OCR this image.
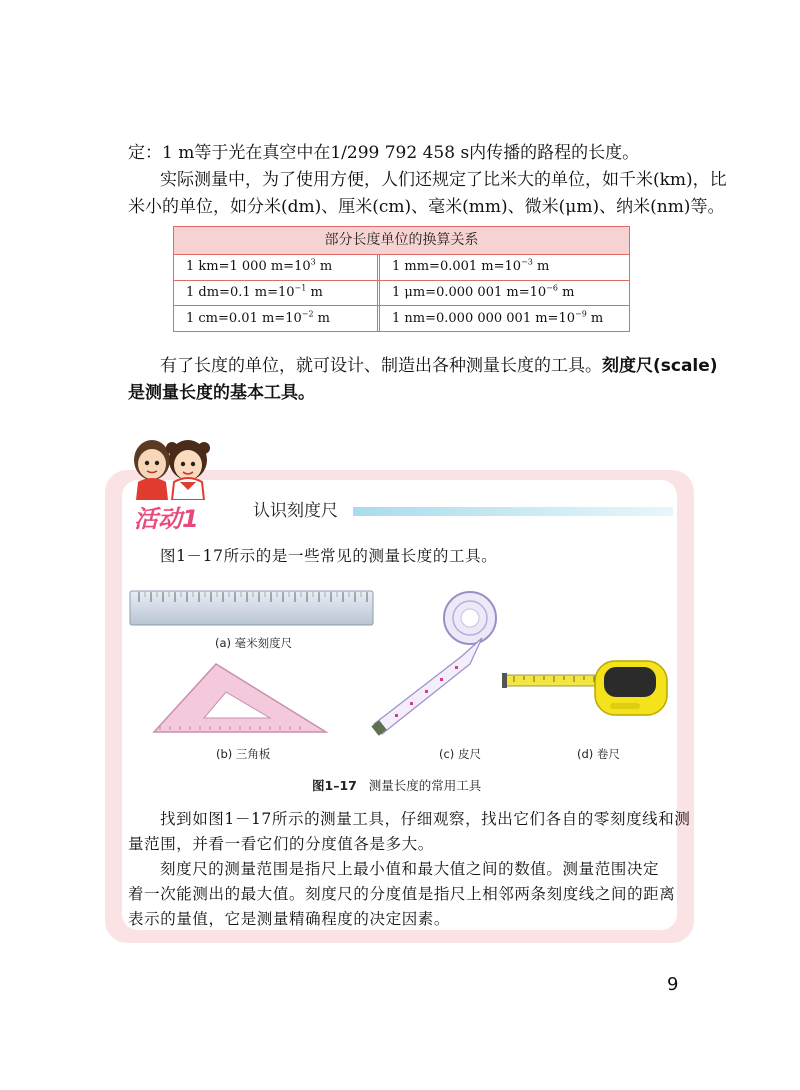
定：1 m等于光在真空中在1/299 792 458 s内传播的路程的长度。
实际测量中，为了使用方便，人们还规定了比米大的单位，如千米(km)，比
米小的单位，如分米(dm)、厘米(cm)、毫米(mm)、微米(μm)、纳米(nm)等。
部分长度单位的换算关系
1 km=1 000 $m=10^3$ m	1 mm=0.001 $m=10^{-3}$ m
1 dm=0.1 $m=10^{-1}$ m	1 μm=0.000 001 $m=10^{-6}$ m
1 cm=0.01 $m=10^{-2}$ m	1 nm=0.000 000 001 $m=10^{-9}$ m
有了长度的单位，就可设计、制造出各种测量长度的工具。刻度尺(scale)
是测量长度的基本工具。
活动1	认识刻度尺
图1－17所示的是一些常见的测量长度的工具。
(a) 毫米刻度尺
(b) 三角板	(c) 皮尺	(d) 卷尺
图1–17 测量长度的常用工具
找到如图1－17所示的测量工具，仔细观察，找出它们各自的零刻度线和测
量范围，并看一看它们的分度值各是多大。
刻度尺的测量范围是指尺上最小值和最大值之间的数值。测量范围决定
着一次能测出的最大值。刻度尺的分度值是指尺上相邻两条刻度线之间的距离
表示的量值，它是测量精确程度的决定因素。
9
